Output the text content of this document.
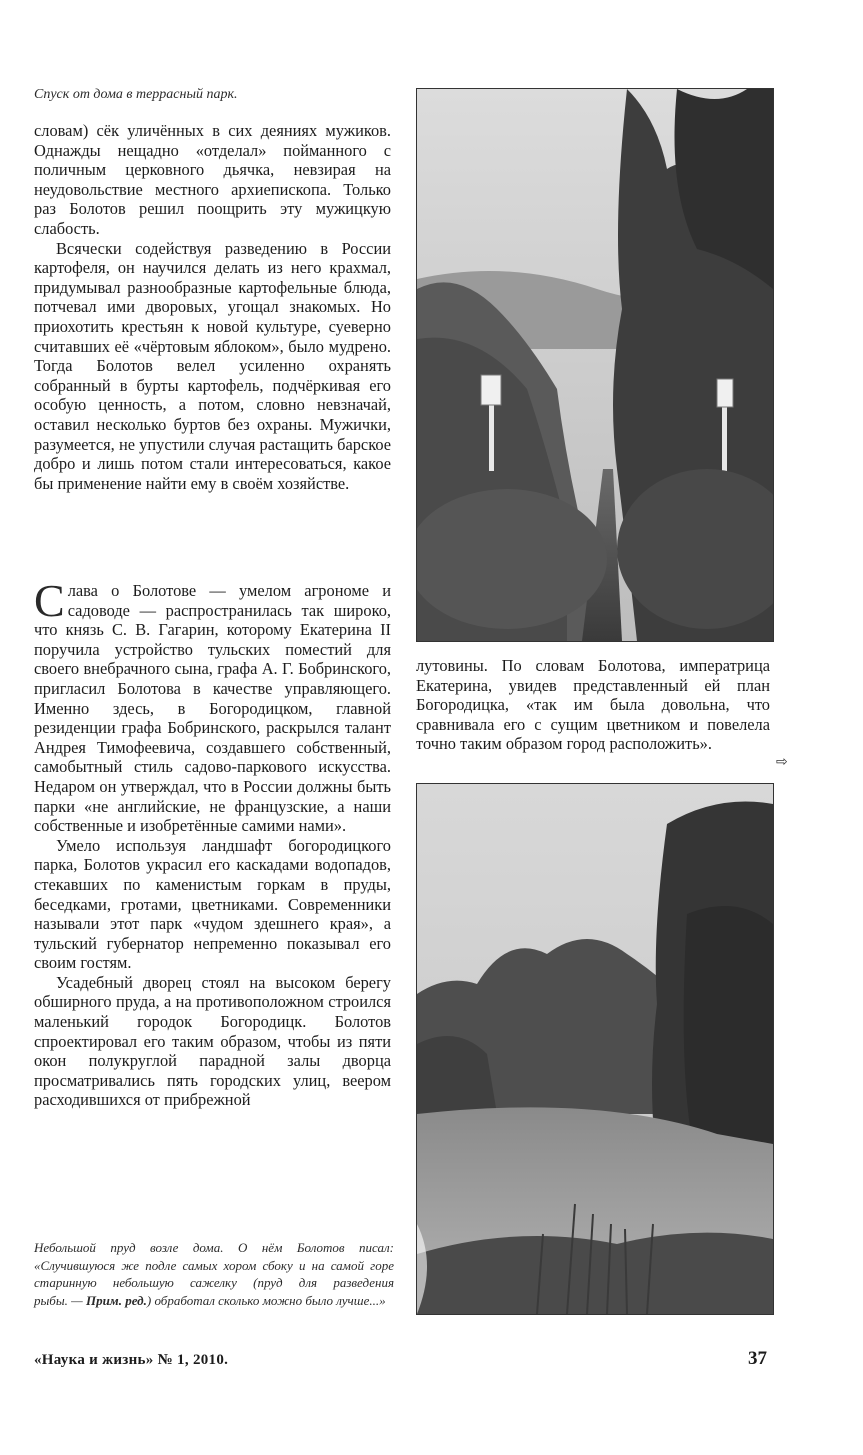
Спуск от дома в террасный парк.

словам) сёк уличённых в сих деяниях мужиков. Однажды нещадно «отделал» пойманного с поличным церковного дьячка, невзирая на неудовольствие местного архиепископа. Только раз Болотов решил поощрить эту мужицкую слабость.

Всячески содействуя разведению в России картофеля, он научился делать из него крахмал, придумывал разнообразные картофельные блюда, потчевал ими дворовых, угощал знакомых. Но приохотить крестьян к новой культуре, суеверно считавших её «чёртовым яблоком», было мудрено. Тогда Болотов велел усиленно охранять собранный в бурты картофель, подчёркивая его особую ценность, а потом, словно невзначай, оставил несколько буртов без охраны. Мужички, разумеется, не упустили случая растащить барское добро и лишь потом стали интересоваться, какое бы применение найти ему в своём хозяйстве.

Слава о Болотове — умелом агрономе и садоводе — распространилась так широко, что князь С. В. Гагарин, которому Екатерина II поручила устройство тульских поместий для своего внебрачного сына, графа А. Г. Бобринского, пригласил Болотова в качестве управляющего. Именно здесь, в Богородицком, главной резиденции графа Бобринского, раскрылся талант Андрея Тимофеевича, создавшего собственный, самобытный стиль садово-паркового искусства. Недаром он утверждал, что в России должны быть парки «не английские, не французские, а наши собственные и изобретённые самими нами».

Умело используя ландшафт богородицкого парка, Болотов украсил его каскадами водопадов, стекавших по каменистым горкам в пруды, беседками, гротами, цветниками. Современники называли этот парк «чудом здешнего края», а тульский губернатор непременно показывал его своим гостям.

Усадебный дворец стоял на высоком берегу обширного пруда, а на противоположном строился маленький городок Богородицк. Болотов спроектировал его таким образом, чтобы из пяти окон полукруглой парадной залы дворца просматривались пять городских улиц, веером расходившихся от прибрежной

Небольшой пруд возле дома. О нём Болотов писал: «Случившуюся же подле самых хором сбоку и на самой горе старинную небольшую сажелку (пруд для разведения рыбы. — Прим. ред.) обработал сколько можно было лучше...»

лутовины. По словам Болотова, императрица Екатерина, увидев представленный ей план Богородицка, «так им была довольна, что сравнивала его с сущим цветником и повелела точно таким образом город расположить».

⇨
«Наука и жизнь» № 1, 2010.	37
